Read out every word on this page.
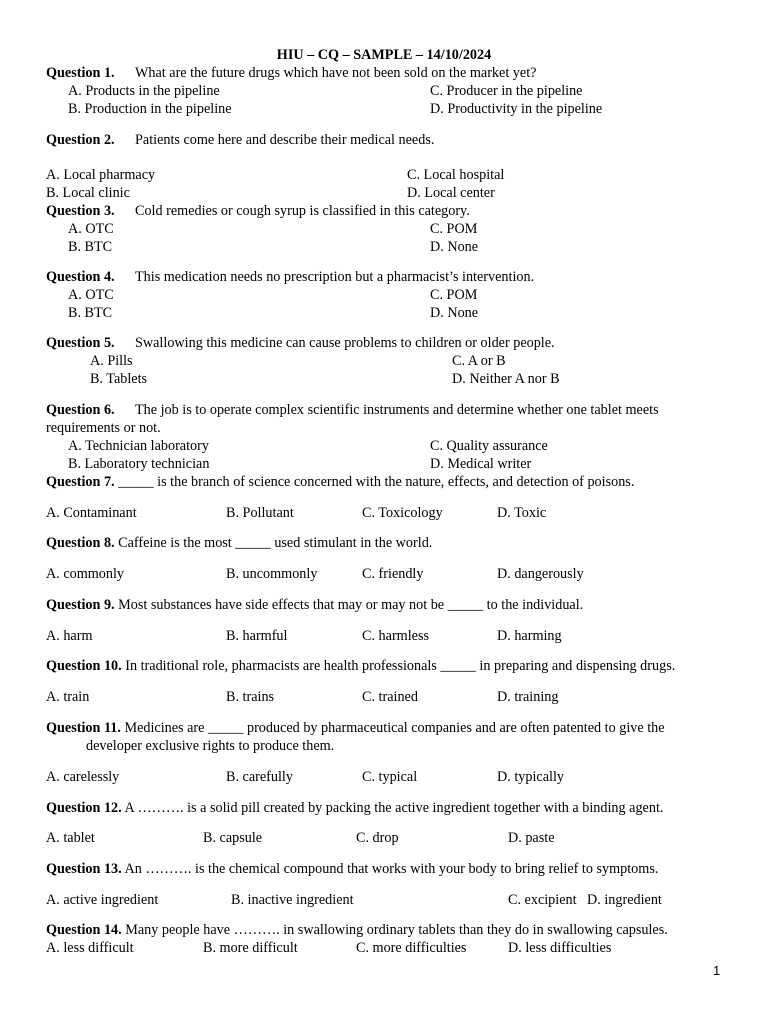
HIU – CQ – SAMPLE – 14/10/2024
Question 1. What are the future drugs which have not been sold on the market yet?
A. Products in the pipeline	C. Producer in the pipeline
B. Production in the pipeline	D. Productivity in the pipeline
Question 2. Patients come here and describe their medical needs.
A. Local pharmacy	C. Local hospital
B. Local clinic	D. Local center
Question 3. Cold remedies or cough syrup is classified in this category.
A. OTC	C. POM
B. BTC	D. None
Question 4. This medication needs no prescription but a pharmacist’s intervention.
A. OTC	C. POM
B. BTC	D. None
Question 5. Swallowing this medicine can cause problems to children or older people.
A. Pills	C. A or B
B. Tablets	D. Neither A nor B
Question 6. The job is to operate complex scientific instruments and determine whether one tablet meets
requirements or not.
A. Technician laboratory	C. Quality assurance
B. Laboratory technician	D. Medical writer
Question 7. _____ is the branch of science concerned with the nature, effects, and detection of poisons.
A. Contaminant	B. Pollutant	C. Toxicology	D. Toxic
Question 8. Caffeine is the most _____ used stimulant in the world.
A. commonly	B. uncommonly	C. friendly	D. dangerously
Question 9. Most substances have side effects that may or may not be _____ to the individual.
A. harm	B. harmful	C. harmless	D. harming
Question 10. In traditional role, pharmacists are health professionals _____ in preparing and dispensing drugs.
A. train	B. trains	C. trained	D. training
Question 11. Medicines are _____ produced by pharmaceutical companies and are often patented to give the
developer exclusive rights to produce them.
A. carelessly	B. carefully	C. typical	D. typically
Question 12. A ………. is a solid pill created by packing the active ingredient together with a binding agent.
A. tablet	B. capsule	C. drop	D. paste
Question 13. An ………. is the chemical compound that works with your body to bring relief to symptoms.
A. active ingredient	B. inactive ingredient	C. excipient D. ingredient
Question 14. Many people have ………. in swallowing ordinary tablets than they do in swallowing capsules.
A. less difficult	B. more difficult	C. more difficulties	D. less difficulties
1
